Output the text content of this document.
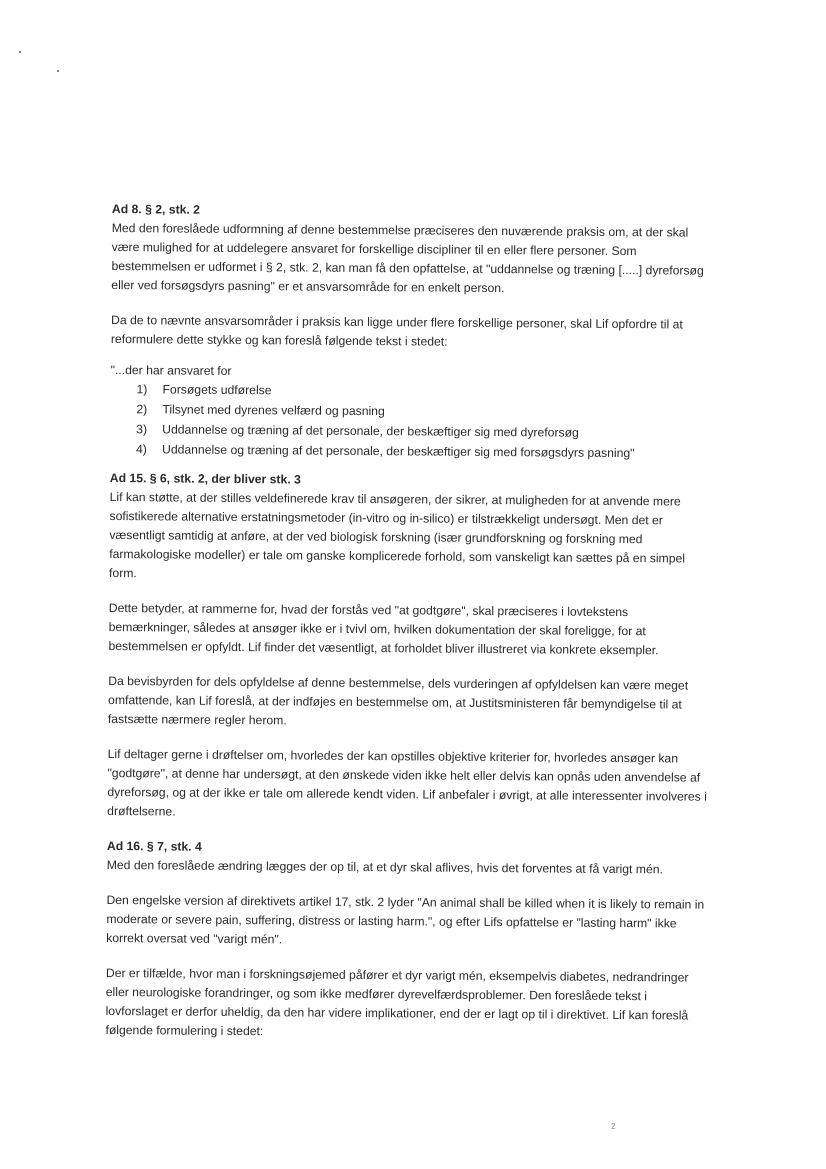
Ad 8. § 2, stk. 2

Med den foreslåede udformning af denne bestemmelse præciseres den nuværende praksis om, at der skal være mulighed for at uddelegere ansvaret for forskellige discipliner til en eller flere personer. Som bestemmelsen er udformet i § 2, stk. 2, kan man få den opfattelse, at "uddannelse og træning [.....] dyreforsøg eller ved forsøgsdyrs pasning" er et ansvarsområde for en enkelt person.

Da de to nævnte ansvarsområder i praksis kan ligge under flere forskellige personer, skal Lif opfordre til at reformulere dette stykke og kan foreslå følgende tekst i stedet:

"...der har ansvaret for

1) Forsøgets udførelse
2) Tilsynet med dyrenes velfærd og pasning
3) Uddannelse og træning af det personale, der beskæftiger sig med dyreforsøg
4) Uddannelse og træning af det personale, der beskæftiger sig med forsøgsdyrs pasning"

Ad 15. § 6, stk. 2, der bliver stk. 3

Lif kan støtte, at der stilles veldefinerede krav til ansøgeren, der sikrer, at muligheden for at anvende mere sofistikerede alternative erstatningsmetoder (in-vitro og in-silico) er tilstrækkeligt undersøgt. Men det er væsentligt samtidig at anføre, at der ved biologisk forskning (især grundforskning og forskning med farmakologiske modeller) er tale om ganske komplicerede forhold, som vanskeligt kan sættes på en simpel form.

Dette betyder, at rammerne for, hvad der forstås ved "at godtgøre", skal præciseres i lovtekstens bemærkninger, således at ansøger ikke er i tvivl om, hvilken dokumentation der skal foreligge, for at bestemmelsen er opfyldt. Lif finder det væsentligt, at forholdet bliver illustreret via konkrete eksempler.

Da bevisbyrden for dels opfyldelse af denne bestemmelse, dels vurderingen af opfyldelsen kan være meget omfattende, kan Lif foreslå, at der indføjes en bestemmelse om, at Justitsministeren får bemyndigelse til at fastsætte nærmere regler herom.

Lif deltager gerne i drøftelser om, hvorledes der kan opstilles objektive kriterier for, hvorledes ansøger kan "godtgøre", at denne har undersøgt, at den ønskede viden ikke helt eller delvis kan opnås uden anvendelse af dyreforsøg, og at der ikke er tale om allerede kendt viden. Lif anbefaler i øvrigt, at alle interessenter involveres i drøftelserne.

Ad 16. § 7, stk. 4

Med den foreslåede ændring lægges der op til, at et dyr skal aflives, hvis det forventes at få varigt mén.

Den engelske version af direktivets artikel 17, stk. 2 lyder "An animal shall be killed when it is likely to remain in moderate or severe pain, suffering, distress or lasting harm.", og efter Lifs opfattelse er "lasting harm" ikke korrekt oversat ved "varigt mén".

Der er tilfælde, hvor man i forskningsøjemed påfører et dyr varigt mén, eksempelvis diabetes, nedrandringer eller neurologiske forandringer, og som ikke medfører dyrevelfærdsproblemer. Den foreslåede tekst i lovforslaget er derfor uheldig, da den har videre implikationer, end der er lagt op til i direktivet. Lif kan foreslå følgende formulering i stedet:

2
